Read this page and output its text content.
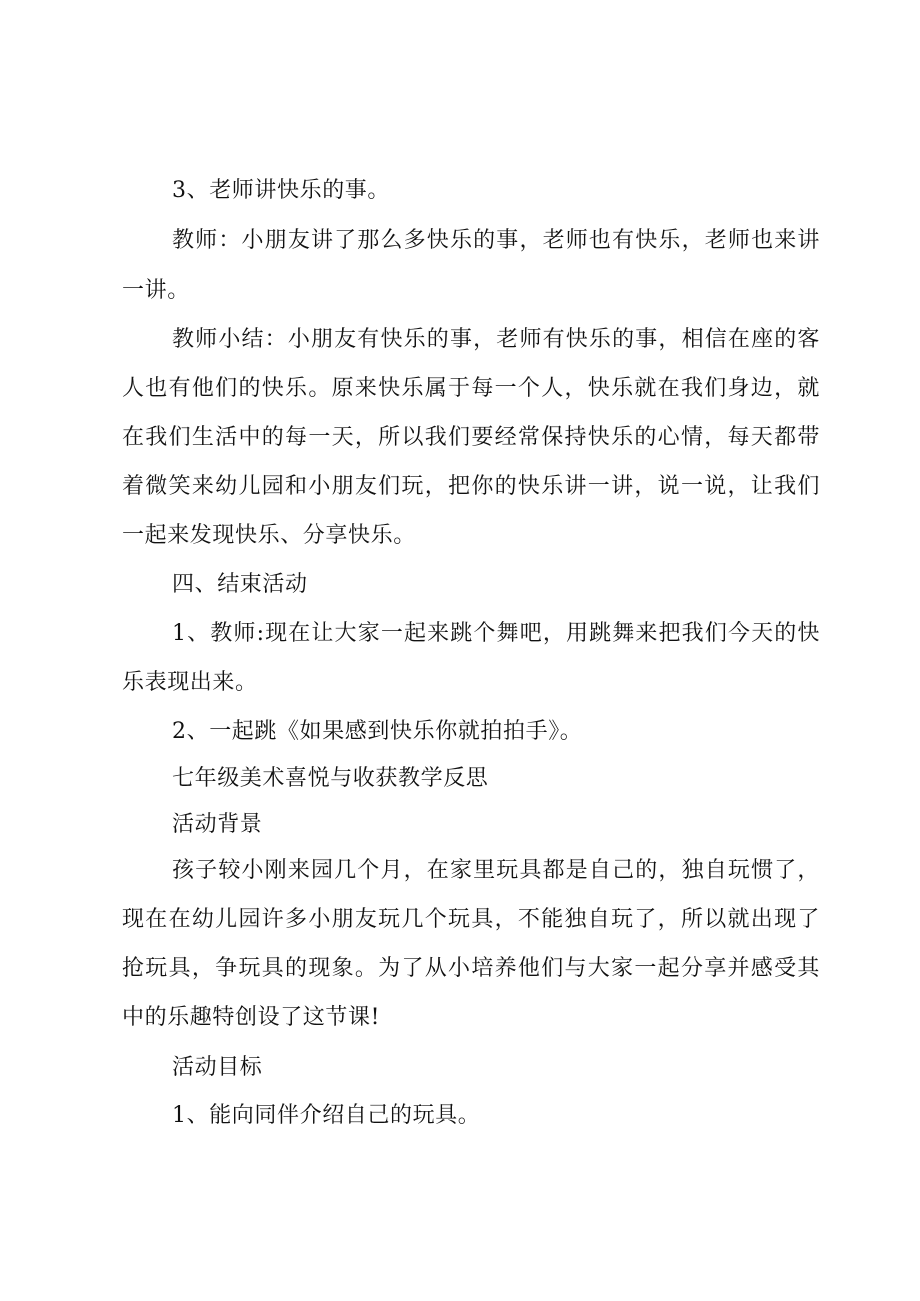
3、老师讲快乐的事。
教师：小朋友讲了那么多快乐的事，老师也有快乐，老师也来讲
一讲。
教师小结：小朋友有快乐的事，老师有快乐的事，相信在座的客
人也有他们的快乐。原来快乐属于每一个人，快乐就在我们身边，就
在我们生活中的每一天，所以我们要经常保持快乐的心情，每天都带
着微笑来幼儿园和小朋友们玩，把你的快乐讲一讲，说一说，让我们
一起来发现快乐、分享快乐。
四、结束活动
1、教师:现在让大家一起来跳个舞吧，用跳舞来把我们今天的快
乐表现出来。
2、一起跳《如果感到快乐你就拍拍手》。
七年级美术喜悦与收获教学反思
活动背景
孩子较小刚来园几个月，在家里玩具都是自己的，独自玩惯了，
现在在幼儿园许多小朋友玩几个玩具，不能独自玩了，所以就出现了
抢玩具，争玩具的现象。为了从小培养他们与大家一起分享并感受其
中的乐趣特创设了这节课!
活动目标
1、能向同伴介绍自己的玩具。
